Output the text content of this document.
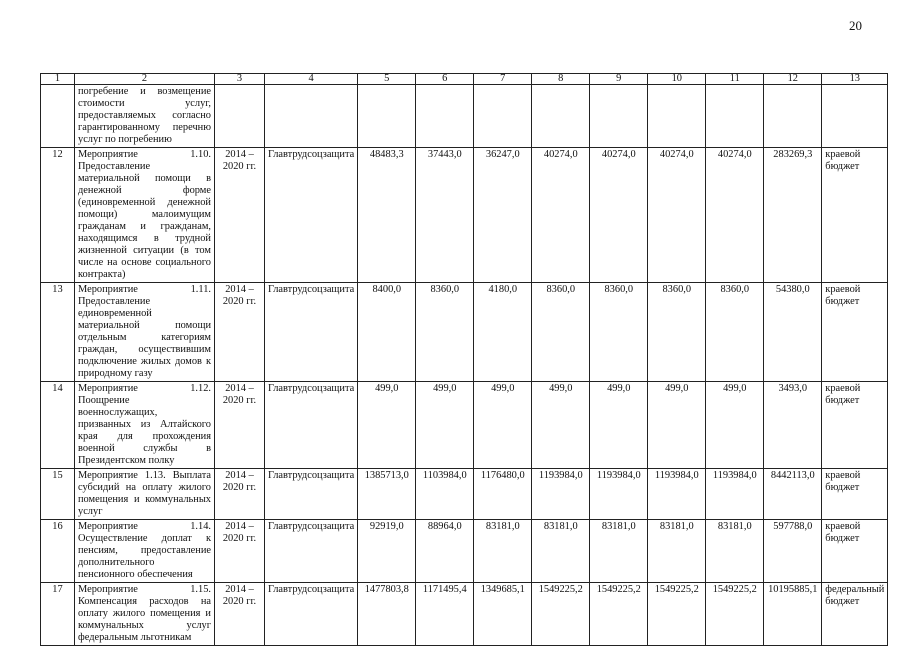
20
1	2	3	4	5	6	7	8	9	10	11	12	13
	погребение и возмещение стоимости услуг, предоставляемых согласно гарантированному перечню услуг по погребению											
12	Мероприятие 1.10. Предоставление материальной помощи в денежной форме (единовременной денежной помощи) малоимущим гражданам и гражданам, находящимся в трудной жизненной ситуации (в том числе на основе социального контракта)	2014 – 2020 гг.	Главтрудсоцзащита	48483,3	37443,0	36247,0	40274,0	40274,0	40274,0	40274,0	283269,3	краевой бюджет
13	Мероприятие 1.11. Предоставление единовременной материальной помощи отдельным категориям граждан, осуществившим подключение жилых домов к природному газу	2014 – 2020 гг.	Главтрудсоцзащита	8400,0	8360,0	4180,0	8360,0	8360,0	8360,0	8360,0	54380,0	краевой бюджет
14	Мероприятие 1.12. Поощрение военнослужащих, призванных из Алтайского края для прохождения военной службы в Президентском полку	2014 – 2020 гг.	Главтрудсоцзащита	499,0	499,0	499,0	499,0	499,0	499,0	499,0	3493,0	краевой бюджет
15	Мероприятие 1.13. Выплата субсидий на оплату жилого помещения и коммунальных услуг	2014 – 2020 гг.	Главтрудсоцзащита	1385713,0	1103984,0	1176480,0	1193984,0	1193984,0	1193984,0	1193984,0	8442113,0	краевой бюджет
16	Мероприятие 1.14. Осуществление доплат к пенсиям, предоставление дополнительного пенсионного обеспечения	2014 – 2020 гг.	Главтрудсоцзащита	92919,0	88964,0	83181,0	83181,0	83181,0	83181,0	83181,0	597788,0	краевой бюджет
17	Мероприятие 1.15. Компенсация расходов на оплату жилого помещения и коммунальных услуг федеральным льготникам	2014 – 2020 гг.	Главтрудсоцзащита	1477803,8	1171495,4	1349685,1	1549225,2	1549225,2	1549225,2	1549225,2	10195885,1	федеральный бюджет
